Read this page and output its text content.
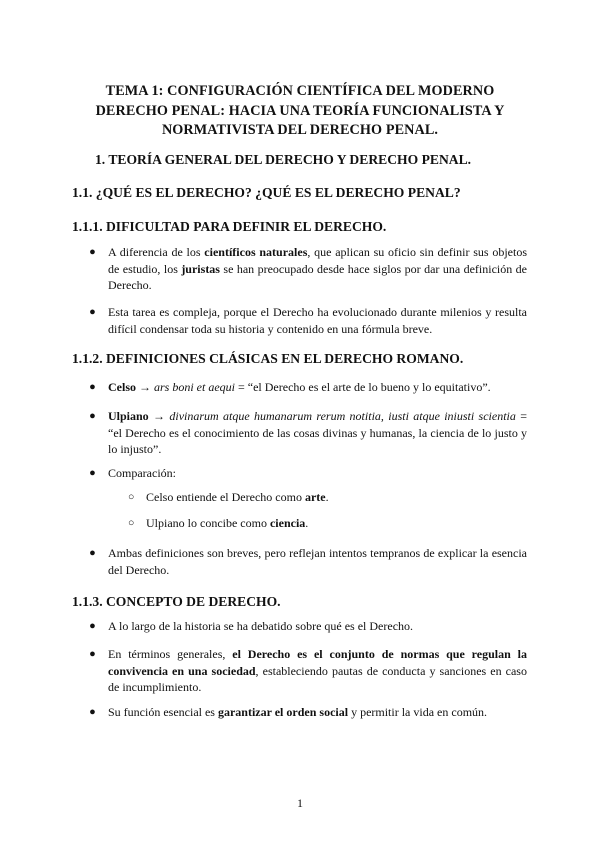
TEMA 1: CONFIGURACIÓN CIENTÍFICA DEL MODERNO
DERECHO PENAL: HACIA UNA TEORÍA FUNCIONALISTA Y
NORMATIVISTA DEL DERECHO PENAL.
1. TEORÍA GENERAL DEL DERECHO Y DERECHO PENAL.
1.1. ¿QUÉ ES EL DERECHO? ¿QUÉ ES EL DERECHO PENAL?
1.1.1. DIFICULTAD PARA DEFINIR EL DERECHO.
● A diferencia de los científicos naturales, que aplican su oficio sin definir sus objetos de estudio, los juristas se han preocupado desde hace siglos por dar una definición de Derecho.
● Esta tarea es compleja, porque el Derecho ha evolucionado durante milenios y resulta difícil condensar toda su historia y contenido en una fórmula breve.
1.1.2. DEFINICIONES CLÁSICAS EN EL DERECHO ROMANO.
● Celso → ars boni et aequi = “el Derecho es el arte de lo bueno y lo equitativo”.
● Ulpiano → divinarum atque humanarum rerum notitia, iusti atque iniusti scientia = “el Derecho es el conocimiento de las cosas divinas y humanas, la ciencia de lo justo y lo injusto”.
● Comparación:
○ Celso entiende el Derecho como arte.
○ Ulpiano lo concibe como ciencia.
● Ambas definiciones son breves, pero reflejan intentos tempranos de explicar la esencia del Derecho.
1.1.3. CONCEPTO DE DERECHO.
● A lo largo de la historia se ha debatido sobre qué es el Derecho.
● En términos generales, el Derecho es el conjunto de normas que regulan la convivencia en una sociedad, estableciendo pautas de conducta y sanciones en caso de incumplimiento.
● Su función esencial es garantizar el orden social y permitir la vida en común.
1
